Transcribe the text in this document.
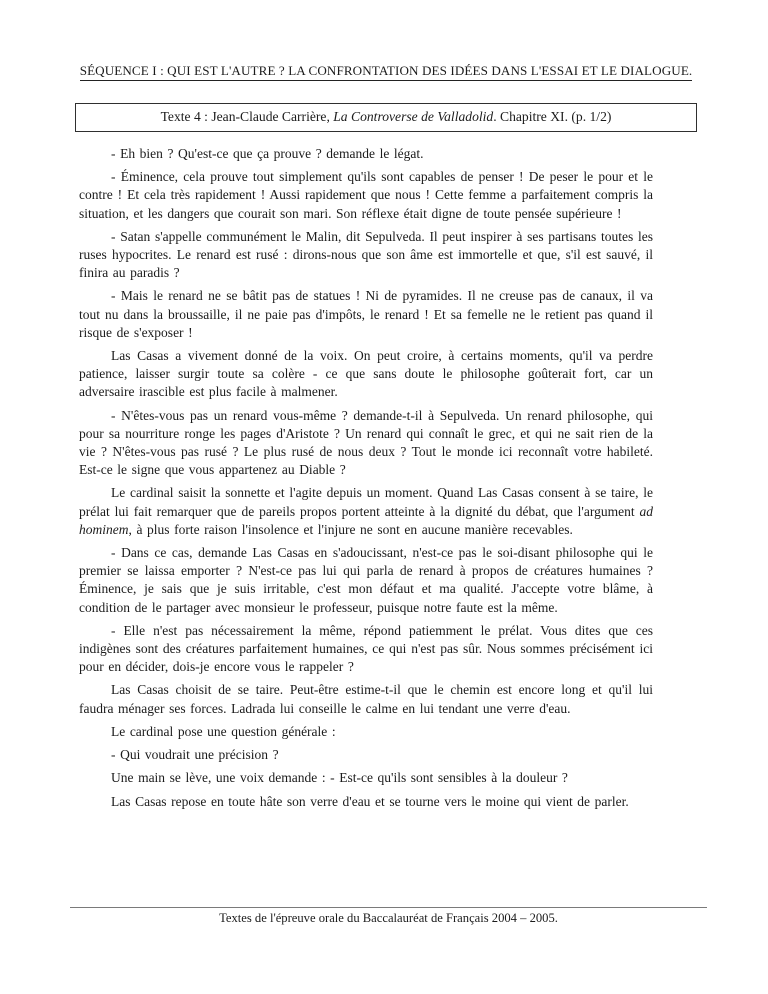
SÉQUENCE I : QUI EST L'AUTRE ? LA CONFRONTATION DES IDÉES DANS L'ESSAI ET LE DIALOGUE.
Texte 4 : Jean-Claude Carrière, La Controverse de Valladolid. Chapitre XI. (p. 1/2)

- Eh bien ? Qu'est-ce que ça prouve ? demande le légat.

- Éminence, cela prouve tout simplement qu'ils sont capables de penser ! De peser le pour et le contre ! Et cela très rapidement ! Aussi rapidement que nous ! Cette femme a parfaitement compris la situation, et les dangers que courait son mari. Son réflexe était digne de toute pensée supérieure !

- Satan s'appelle communément le Malin, dit Sepulveda. Il peut inspirer à ses partisans toutes les ruses hypocrites. Le renard est rusé : dirons-nous que son âme est immortelle et que, s'il est sauvé, il finira au paradis ?

- Mais le renard ne se bâtit pas de statues ! Ni de pyramides. Il ne creuse pas de canaux, il va tout nu dans la broussaille, il ne paie pas d'impôts, le renard ! Et sa femelle ne le retient pas quand il risque de s'exposer !

Las Casas a vivement donné de la voix. On peut croire, à certains moments, qu'il va perdre patience, laisser surgir toute sa colère - ce que sans doute le philosophe goûterait fort, car un adversaire irascible est plus facile à malmener.

- N'êtes-vous pas un renard vous-même ? demande-t-il à Sepulveda. Un renard philosophe, qui pour sa nourriture ronge les pages d'Aristote ? Un renard qui connaît le grec, et qui ne sait rien de la vie ? N'êtes-vous pas rusé ? Le plus rusé de nous deux ? Tout le monde ici reconnaît votre habileté. Est-ce le signe que vous appartenez au Diable ?

Le cardinal saisit la sonnette et l'agite depuis un moment. Quand Las Casas consent à se taire, le prélat lui fait remarquer que de pareils propos portent atteinte à la dignité du débat, que l'argument ad hominem, à plus forte raison l'insolence et l'injure ne sont en aucune manière recevables.

- Dans ce cas, demande Las Casas en s'adoucissant, n'est-ce pas le soi-disant philosophe qui le premier se laissa emporter ? N'est-ce pas lui qui parla de renard à propos de créatures humaines ? Éminence, je sais que je suis irritable, c'est mon défaut et ma qualité. J'accepte votre blâme, à condition de le partager avec monsieur le professeur, puisque notre faute est la même.

- Elle n'est pas nécessairement la même, répond patiemment le prélat. Vous dites que ces indigènes sont des créatures parfaitement humaines, ce qui n'est pas sûr. Nous sommes précisément ici pour en décider, dois-je encore vous le rappeler ?

Las Casas choisit de se taire. Peut-être estime-t-il que le chemin est encore long et qu'il lui faudra ménager ses forces. Ladrada lui conseille le calme en lui tendant une verre d'eau.

Le cardinal pose une question générale :

- Qui voudrait une précision ?

Une main se lève, une voix demande : - Est-ce qu'ils sont sensibles à la douleur ?

Las Casas repose en toute hâte son verre d'eau et se tourne vers le moine qui vient de parler.

Textes de l'épreuve orale du Baccalauréat de Français 2004 – 2005.
